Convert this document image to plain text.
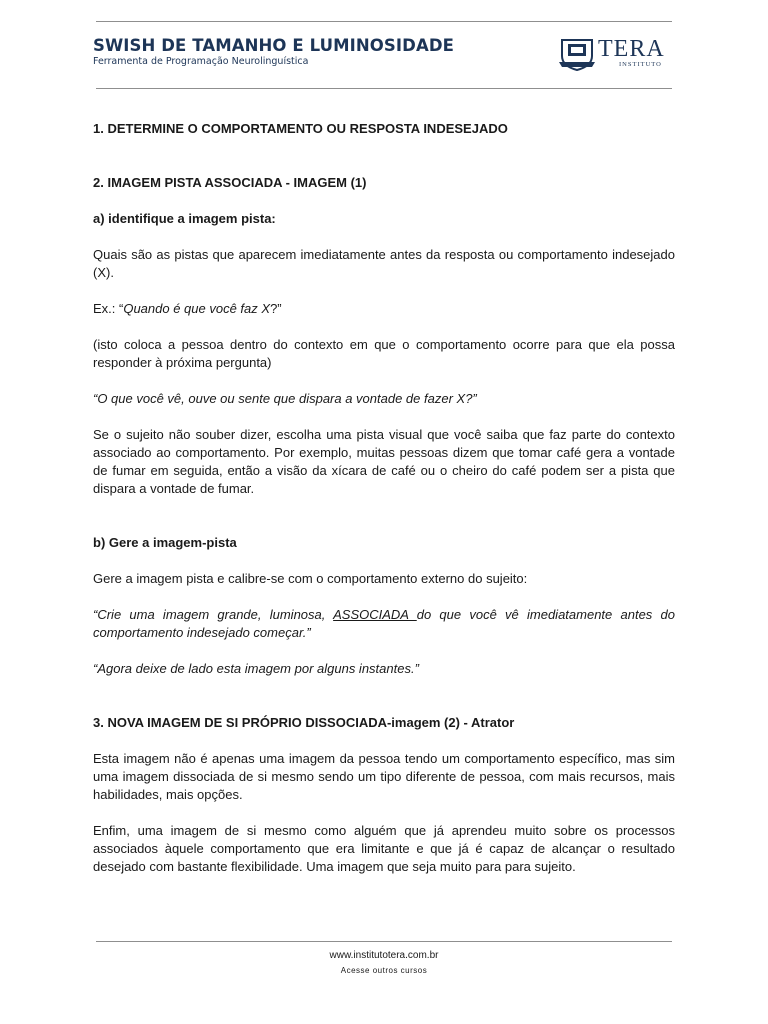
SWISH DE TAMANHO E LUMINOSIDADE
Ferramenta de Programação Neurolinguística	TERA
INSTITUTO

1. DETERMINE O COMPORTAMENTO OU RESPOSTA INDESEJADO

2. IMAGEM PISTA ASSOCIADA - IMAGEM (1)

a) identifique a imagem pista:

Quais são as pistas que aparecem imediatamente antes da resposta ou comportamento indesejado (X).

Ex.: “Quando é que você faz X?”

(isto coloca a pessoa dentro do contexto em que o comportamento ocorre para que ela possa responder à próxima pergunta)

“O que você vê, ouve ou sente que dispara a vontade de fazer X?”

Se o sujeito não souber dizer, escolha uma pista visual que você saiba que faz parte do contexto associado ao comportamento. Por exemplo, muitas pessoas dizem que tomar café gera a vontade de fumar em seguida, então a visão da xícara de café ou o cheiro do café podem ser a pista que dispara a vontade de fumar.

b) Gere a imagem-pista

Gere a imagem pista e calibre-se com o comportamento externo do sujeito:

“Crie uma imagem grande, luminosa, ASSOCIADA do que você vê imediatamente antes do comportamento indesejado começar.”

“Agora deixe de lado esta imagem por alguns instantes.”

3. NOVA IMAGEM DE SI PRÓPRIO DISSOCIADA-imagem (2) - Atrator

Esta imagem não é apenas uma imagem da pessoa tendo um comportamento específico, mas sim uma imagem dissociada de si mesmo sendo um tipo diferente de pessoa, com mais recursos, mais habilidades, mais opções.

Enfim, uma imagem de si mesmo como alguém que já aprendeu muito sobre os processos associados àquele comportamento que era limitante e que já é capaz de alcançar o resultado desejado com bastante flexibilidade. Uma imagem que seja muito para para sujeito.

www.institutotera.com.br
Acesse outros cursos
